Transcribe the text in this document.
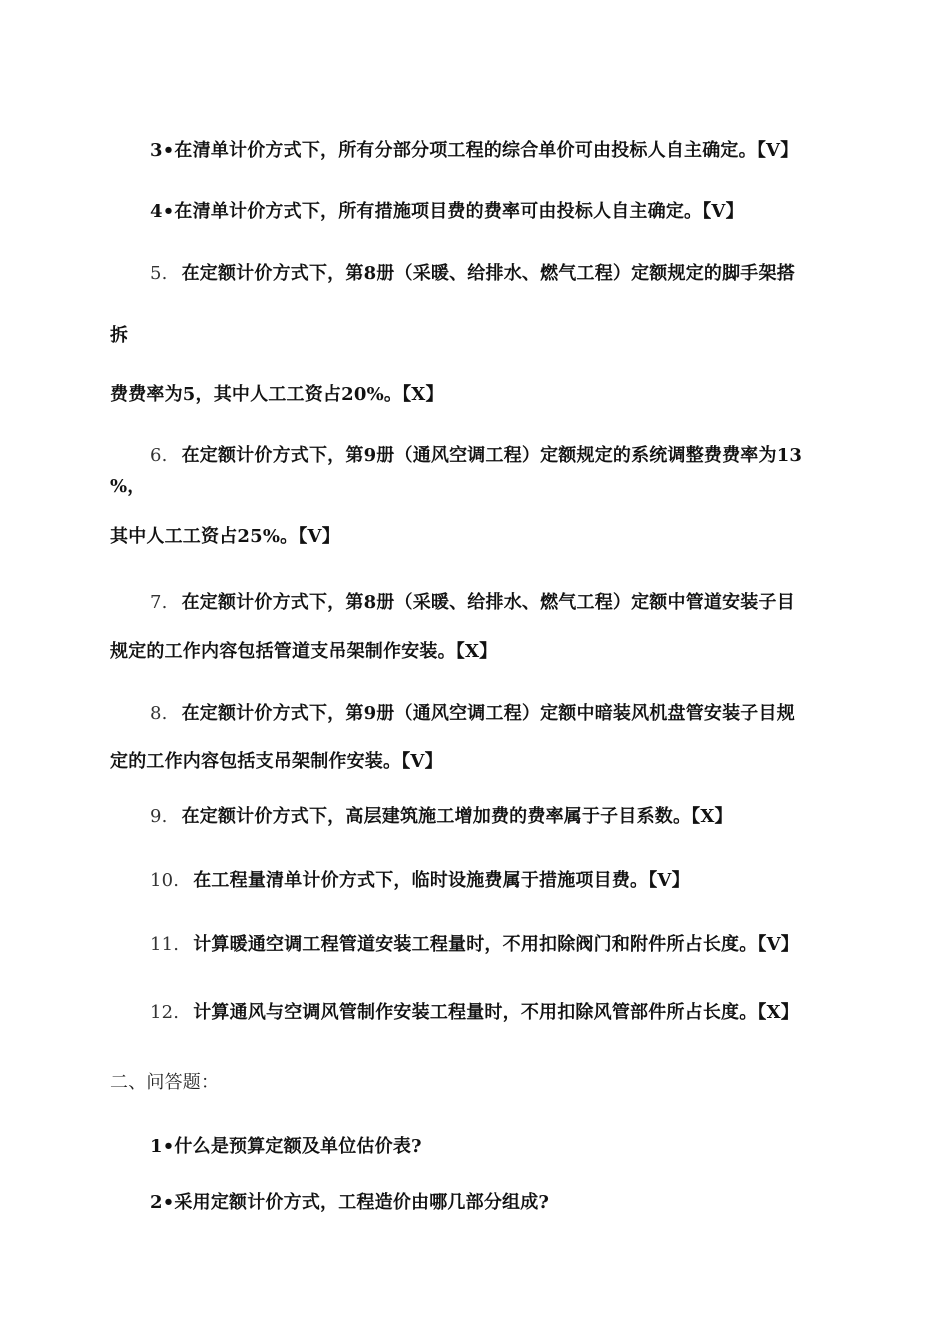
3•在清单计价方式下，所有分部分项工程的综合单价可由投标人自主确定。【V】
4•在清单计价方式下，所有措施项目费的费率可由投标人自主确定。【V】
5. 在定额计价方式下，第8册（采暖、给排水、燃气工程）定额规定的脚手架搭
拆
费费率为5，其中人工工资占20%。【X】
6. 在定额计价方式下，第9册（通风空调工程）定额规定的系统调整费费率为13
%，
其中人工工资占25%。【V】
7. 在定额计价方式下，第8册（采暖、给排水、燃气工程）定额中管道安装子目
规定的工作内容包括管道支吊架制作安装。【X】
8. 在定额计价方式下，第9册（通风空调工程）定额中暗装风机盘管安装子目规
定的工作内容包括支吊架制作安装。【V】
9. 在定额计价方式下，高层建筑施工增加费的费率属于子目系数。【X】
10. 在工程量清单计价方式下，临时设施费属于措施项目费。【V】
11. 计算暖通空调工程管道安装工程量时，不用扣除阀门和附件所占长度。【V】
12. 计算通风与空调风管制作安装工程量时，不用扣除风管部件所占长度。【X】
二、问答题：
1•什么是预算定额及单位估价表?
2•采用定额计价方式，工程造价由哪几部分组成?
